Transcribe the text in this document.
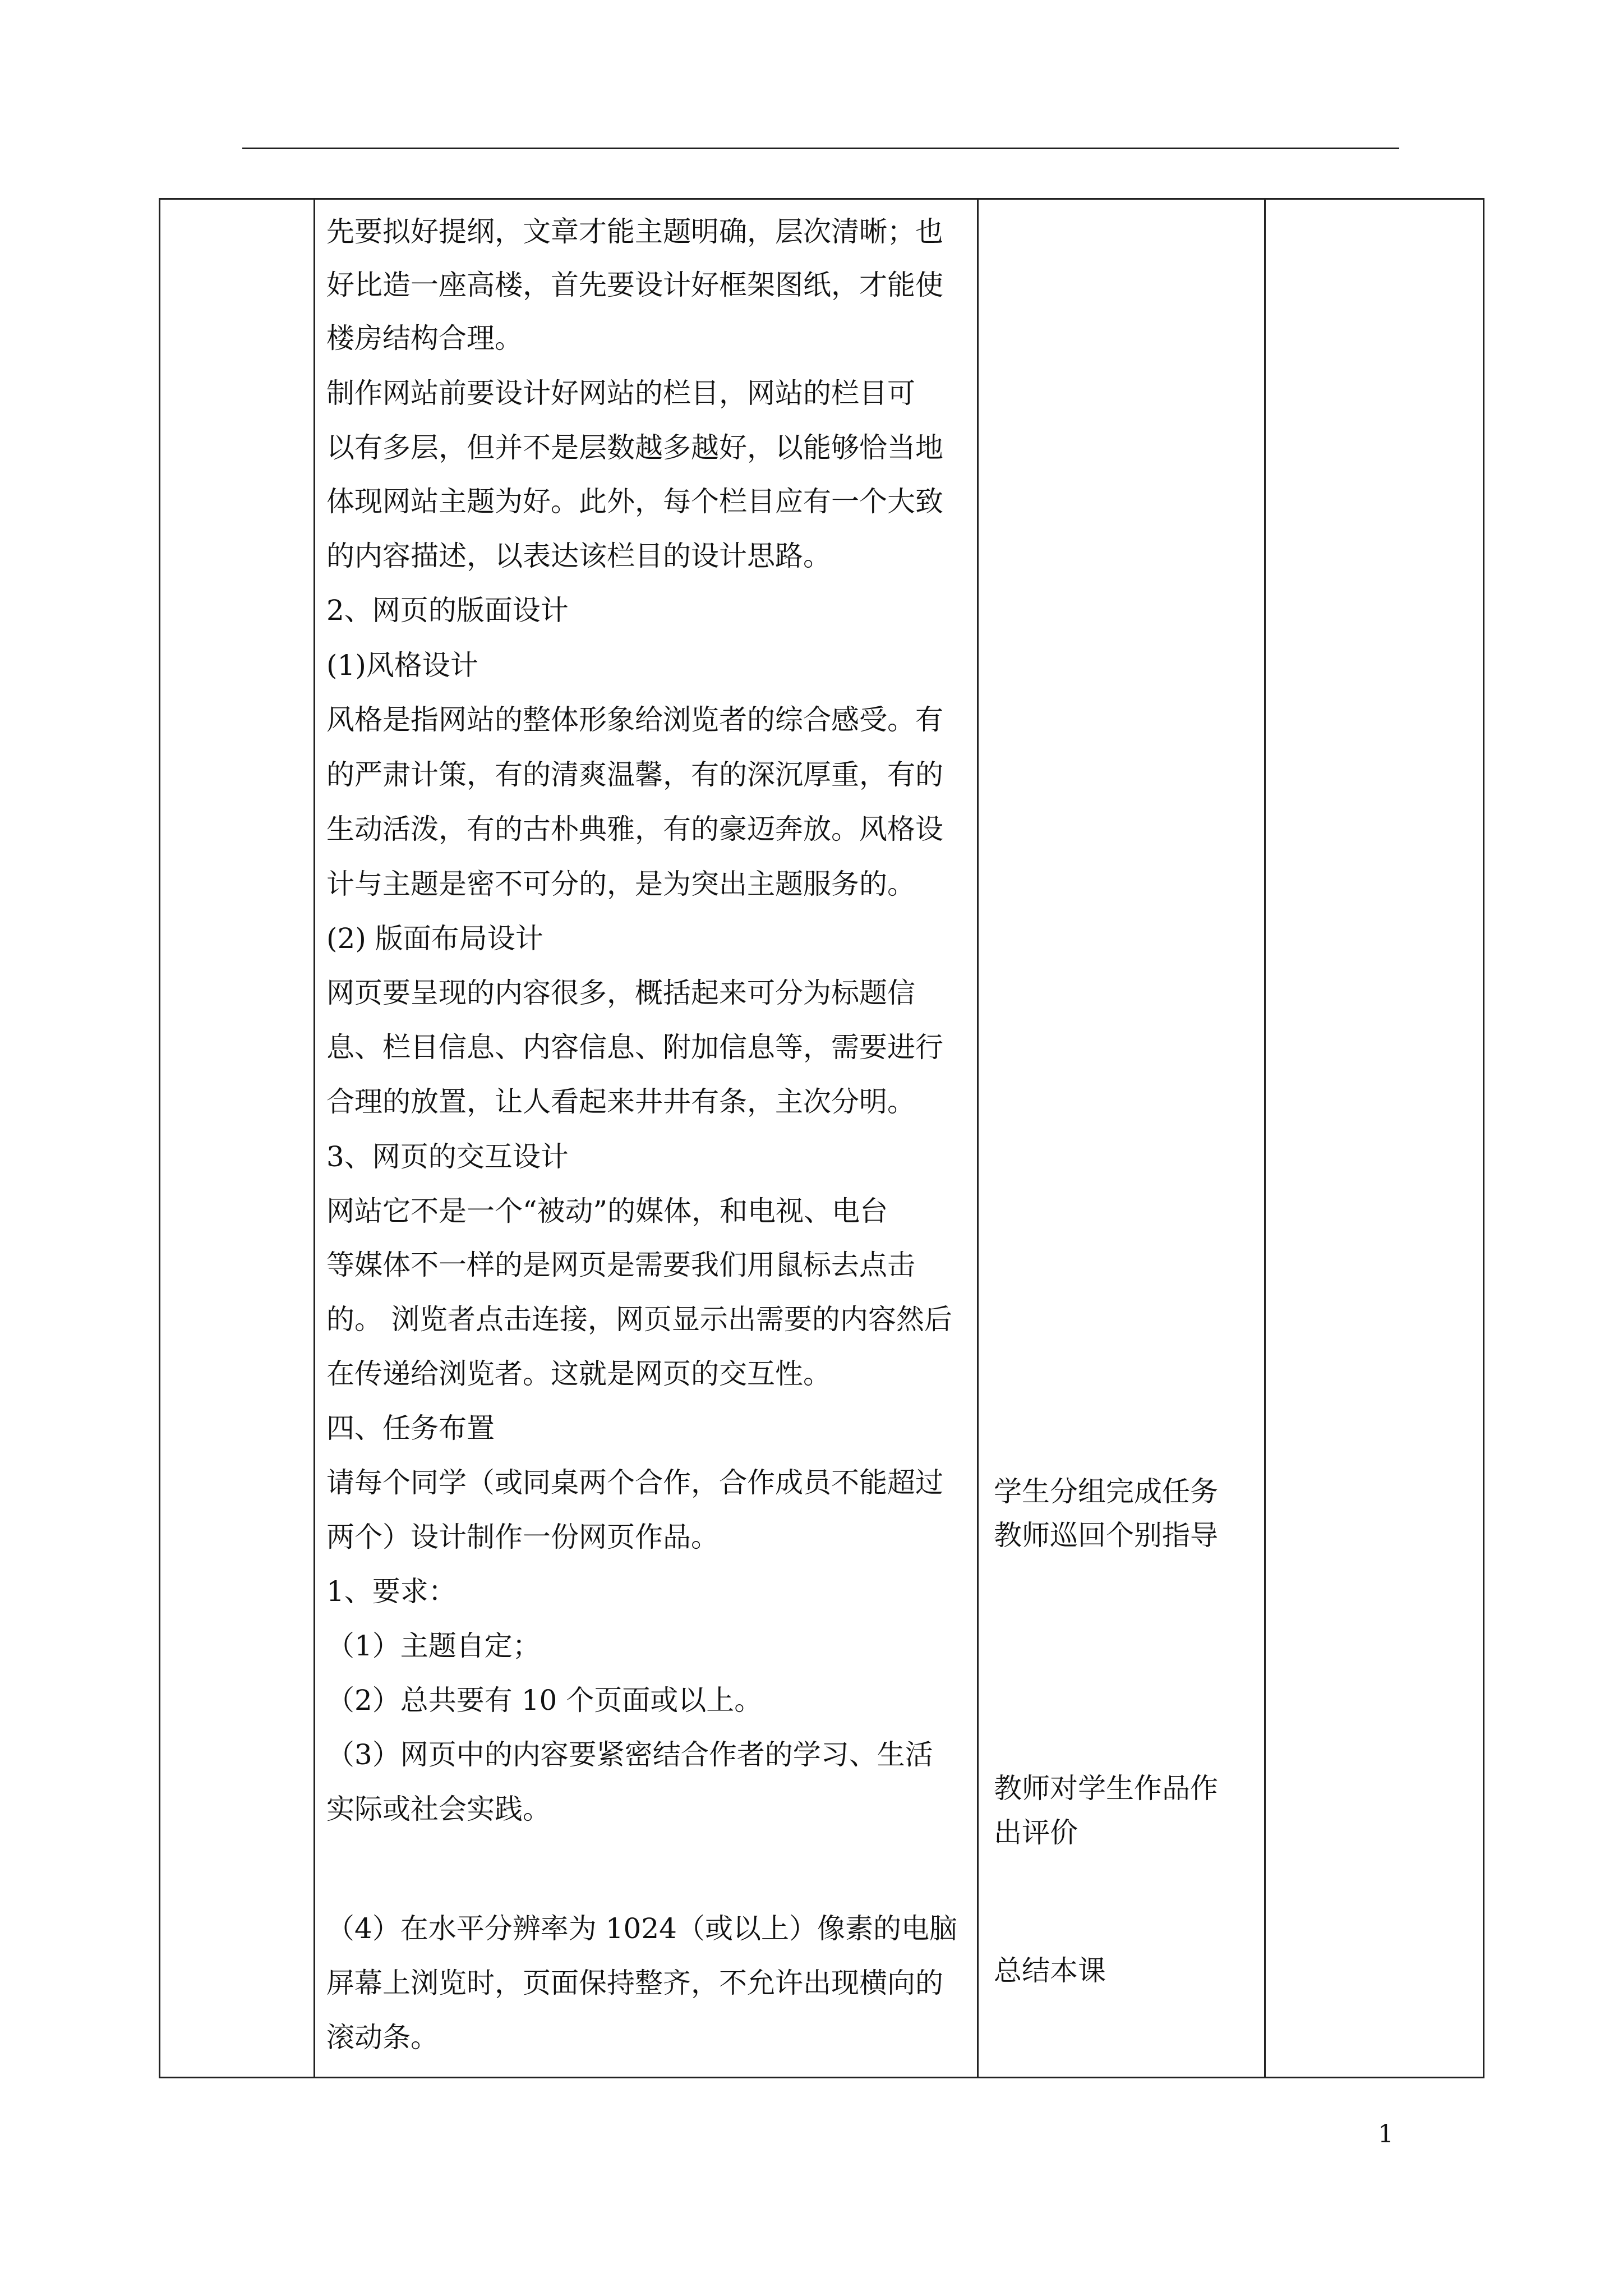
先要拟好提纲，文章才能主题明确，层次清晰；也
好比造一座高楼，首先要设计好框架图纸，才能使
楼房结构合理。
制作网站前要设计好网站的栏目，网站的栏目可
以有多层，但并不是层数越多越好，以能够恰当地
体现网站主题为好。此外，每个栏目应有一个大致
的内容描述，以表达该栏目的设计思路。
2、网页的版面设计
(1)风格设计
风格是指网站的整体形象给浏览者的综合感受。有
的严肃计策，有的清爽温馨，有的深沉厚重，有的
生动活泼，有的古朴典雅，有的豪迈奔放。风格设
计与主题是密不可分的，是为突出主题服务的。
(2) 版面布局设计
网页要呈现的内容很多，概括起来可分为标题信
息、栏目信息、内容信息、附加信息等，需要进行
合理的放置，让人看起来井井有条，主次分明。
3、网页的交互设计
网站它不是一个“被动”的媒体，和电视、电台
等媒体不一样的是网页是需要我们用鼠标去点击
的。 浏览者点击连接，网页显示出需要的内容然后
在传递给浏览者。这就是网页的交互性。
四、任务布置
请每个同学（或同桌两个合作，合作成员不能超过
两个）设计制作一份网页作品。
1、要求：
（1）主题自定；
（2）总共要有 10 个页面或以上。
（3）网页中的内容要紧密结合作者的学习、生活
实际或社会实践。
（4）在水平分辨率为 1024（或以上）像素的电脑
屏幕上浏览时，页面保持整齐，不允许出现横向的
滚动条。
学生分组完成任务
教师巡回个别指导
教师对学生作品作
出评价
总结本课
1
